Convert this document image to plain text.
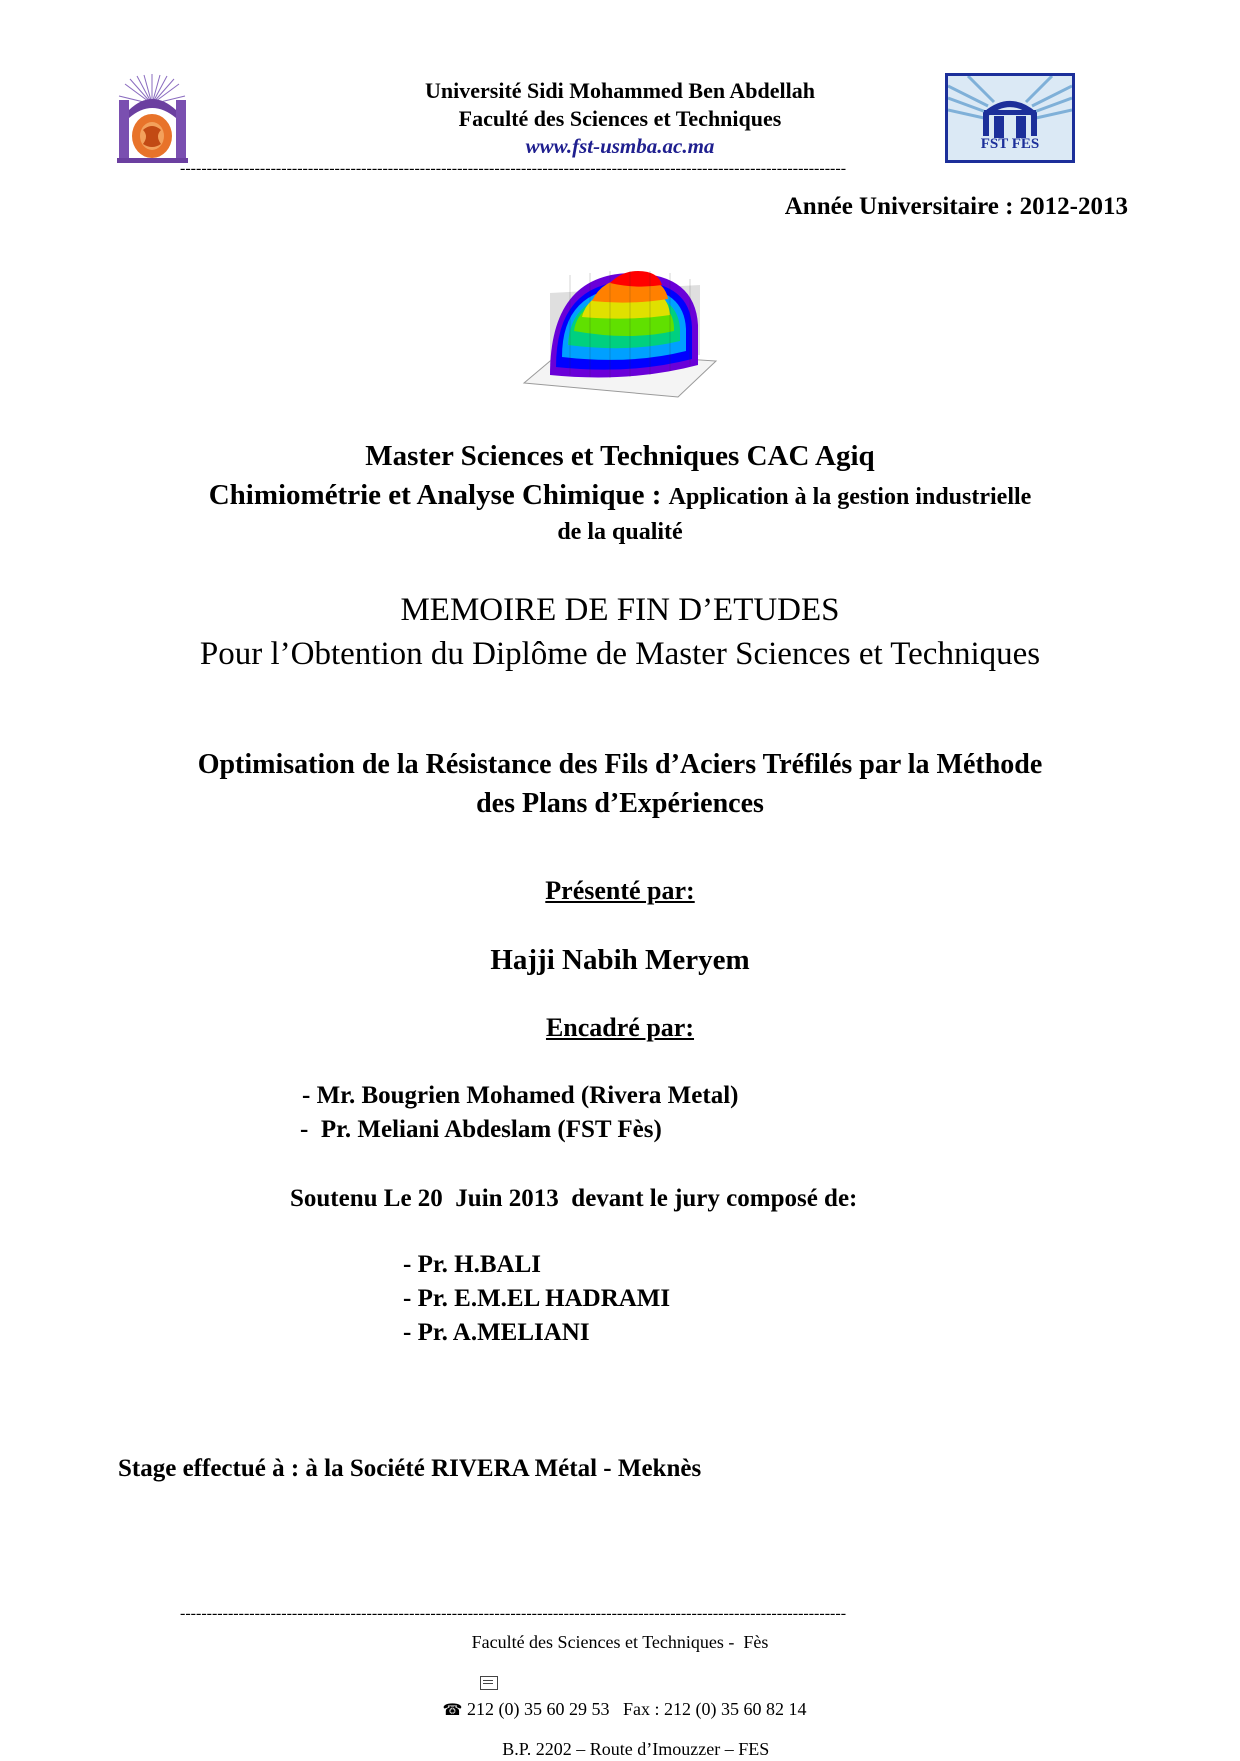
Université Sidi Mohammed Ben Abdellah
Faculté des Sciences et Techniques
www.fst-usmba.ac.ma	FST FES
-----------------------------------------------------------------------------------------------------------------------------
Année Universitaire : 2012-2013
Master Sciences et Techniques CAC Agiq
Chimiométrie et Analyse Chimique : Application à la gestion industrielle
de la qualité
MEMOIRE DE FIN D’ETUDES
Pour l’Obtention du Diplôme de Master Sciences et Techniques
Optimisation de la Résistance des Fils d’Aciers Tréfilés par la Méthode
des Plans d’Expériences
Présenté par:
Hajji Nabih Meryem
Encadré par:
- Mr. Bougrien Mohamed (Rivera Metal)
-  Pr. Meliani Abdeslam (FST Fès)
Soutenu Le 20  Juin 2013  devant le jury composé de:
- Pr. H.BALI
- Pr. E.M.EL HADRAMI
- Pr. A.MELIANI
Stage effectué à : à la Société RIVERA Métal - Meknès
-----------------------------------------------------------------------------------------------------------------------------
Faculté des Sciences et Techniques -  Fès

B.P. 2202 – Route d’Imouzzer – FES

☎ 212 (0) 35 60 29 53   Fax : 212 (0) 35 60 82 14
